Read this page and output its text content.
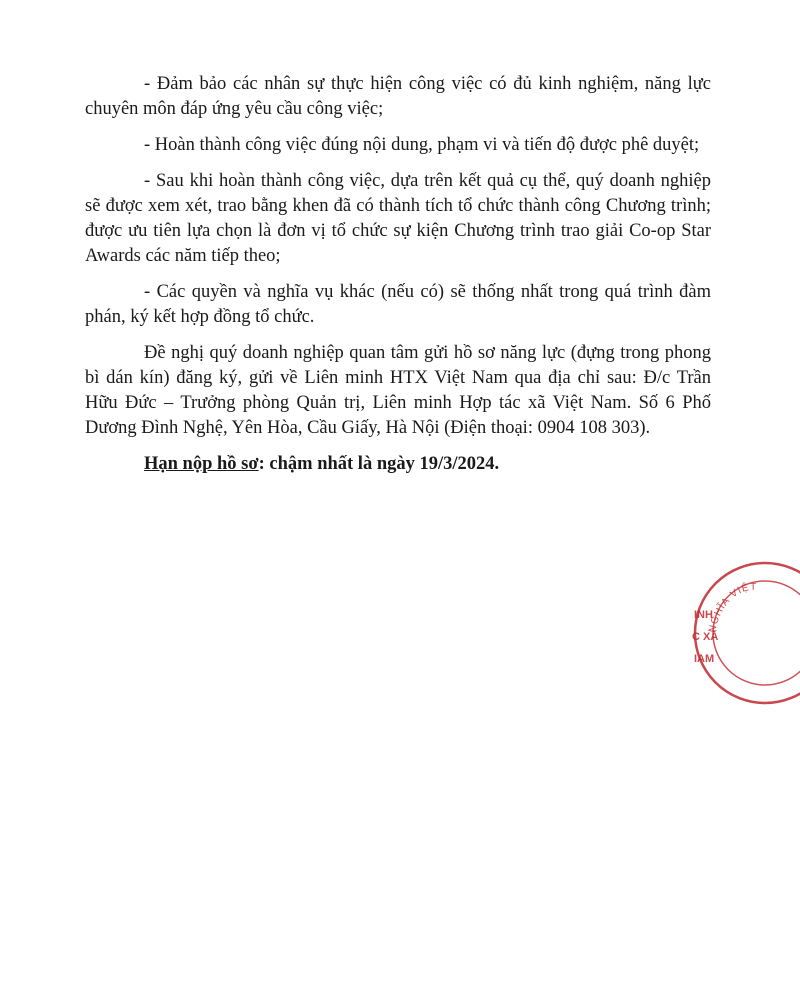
- Đảm bảo các nhân sự thực hiện công việc có đủ kinh nghiệm, năng lực chuyên môn đáp ứng yêu cầu công việc;

- Hoàn thành công việc đúng nội dung, phạm vi và tiến độ được phê duyệt;

- Sau khi hoàn thành công việc, dựa trên kết quả cụ thể, quý doanh nghiệp sẽ được xem xét, trao bằng khen đã có thành tích tổ chức thành công Chương trình; được ưu tiên lựa chọn là đơn vị tổ chức sự kiện Chương trình trao giải Co-op Star Awards các năm tiếp theo;

- Các quyền và nghĩa vụ khác (nếu có) sẽ thống nhất trong quá trình đàm phán, ký kết hợp đồng tổ chức.

Đề nghị quý doanh nghiệp quan tâm gửi hồ sơ năng lực (đựng trong phong bì dán kín) đăng ký, gửi về Liên minh HTX Việt Nam qua địa chỉ sau: Đ/c Trần Hữu Đức – Trưởng phòng Quản trị, Liên minh Hợp tác xã Việt Nam. Số 6 Phố Dương Đình Nghệ, Yên Hòa, Cầu Giấy, Hà Nội (Điện thoại: 0904 108 303).

Hạn nộp hồ sơ: chậm nhất là ngày 19/3/2024.

NGHĨA VIỆT
INH
C XÃ
IAM
